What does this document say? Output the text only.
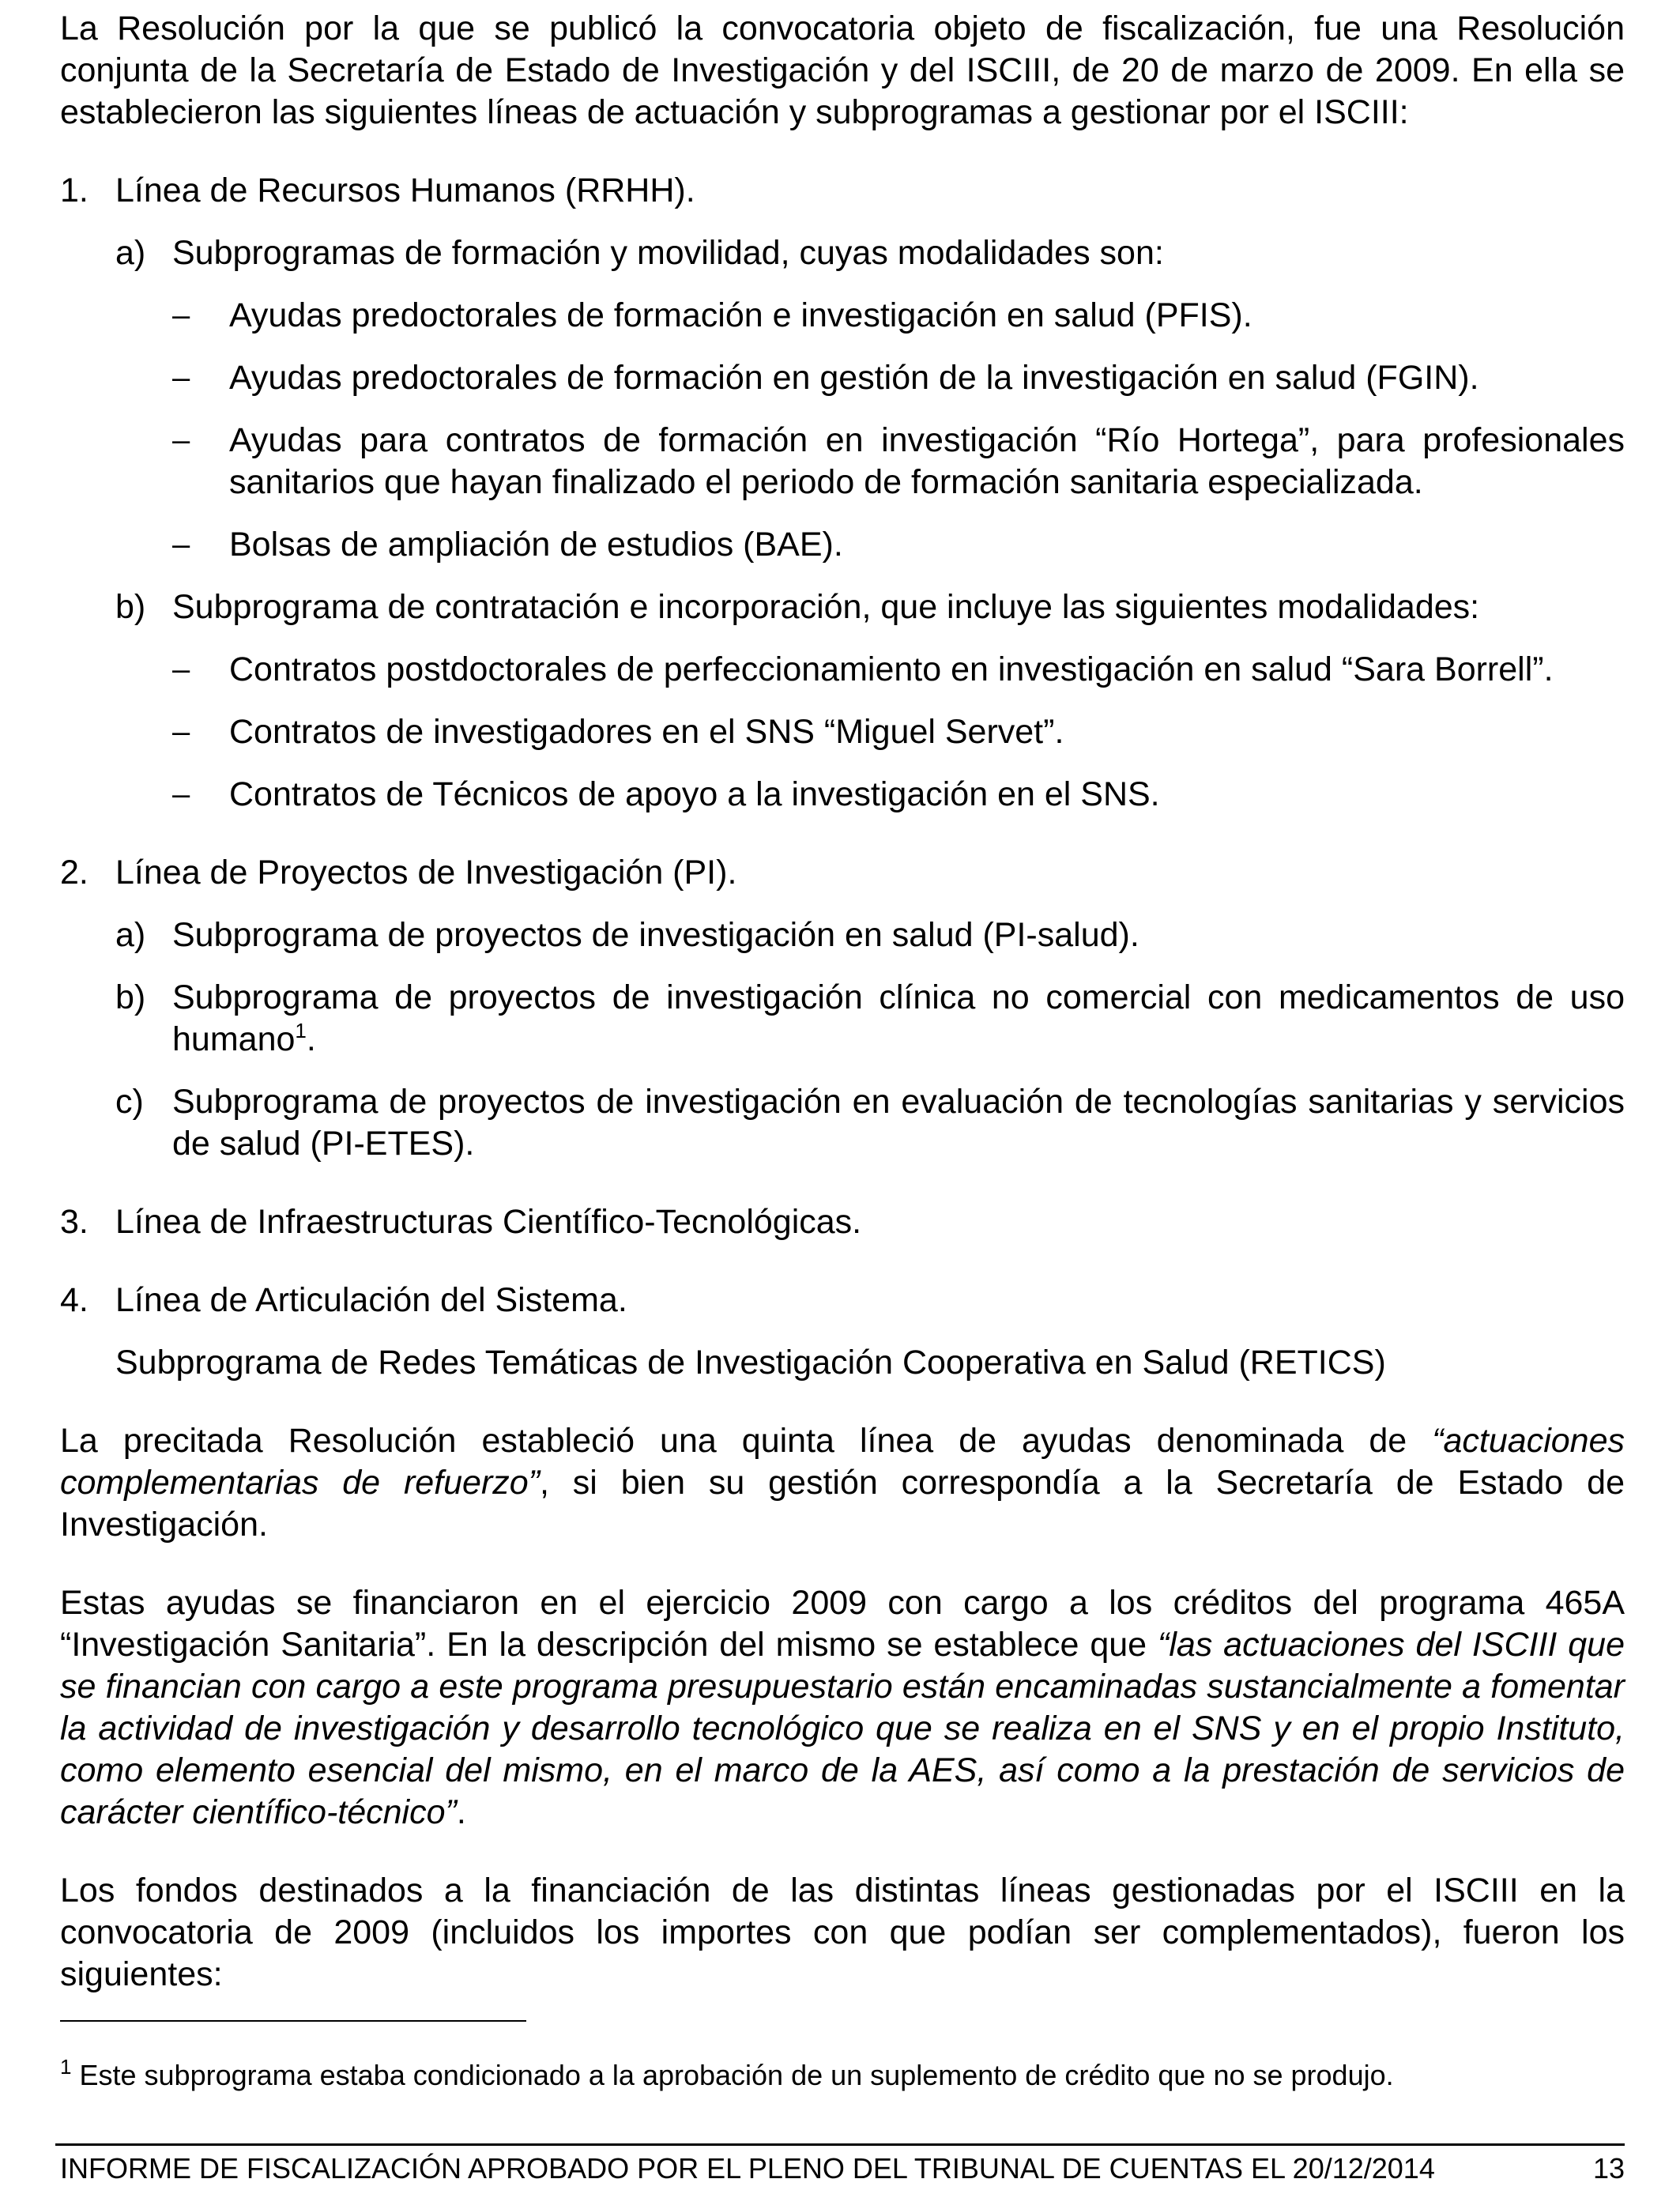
La Resolución por la que se publicó la convocatoria objeto de fiscalización, fue una Resolución conjunta de la Secretaría de Estado de Investigación y del ISCIII, de 20 de marzo de 2009. En ella se establecieron las siguientes líneas de actuación y subprogramas a gestionar por el ISCIII:

1. Línea de Recursos Humanos (RRHH).
a) Subprogramas de formación y movilidad, cuyas modalidades son:
–	Ayudas predoctorales de formación e investigación en salud (PFIS).
–	Ayudas predoctorales de formación en gestión de la investigación en salud (FGIN).
–	Ayudas para contratos de formación en investigación “Río Hortega”, para profesionales sanitarios que hayan finalizado el periodo de formación sanitaria especializada.
–	Bolsas de ampliación de estudios (BAE).
b) Subprograma de contratación e incorporación, que incluye las siguientes modalidades:
–	Contratos postdoctorales de perfeccionamiento en investigación en salud “Sara Borrell”.
–	Contratos de investigadores en el SNS “Miguel Servet”.
–	Contratos de Técnicos de apoyo a la investigación en el SNS.
2. Línea de Proyectos de Investigación (PI).
a) Subprograma de proyectos de investigación en salud (PI-salud).
b) Subprograma de proyectos de investigación clínica no comercial con medicamentos de uso humano$^1$.
c) Subprograma de proyectos de investigación en evaluación de tecnologías sanitarias y servicios de salud (PI-ETES).
3. Línea de Infraestructuras Científico-Tecnológicas.
4. Línea de Articulación del Sistema.
Subprograma de Redes Temáticas de Investigación Cooperativa en Salud (RETICS)

La precitada Resolución estableció una quinta línea de ayudas denominada de “actuaciones complementarias de refuerzo”, si bien su gestión correspondía a la Secretaría de Estado de Investigación.

Estas ayudas se financiaron en el ejercicio 2009 con cargo a los créditos del programa 465A “Investigación Sanitaria”. En la descripción del mismo se establece que “las actuaciones del ISCIII que se financian con cargo a este programa presupuestario están encaminadas sustancialmente a fomentar la actividad de investigación y desarrollo tecnológico que se realiza en el SNS y en el propio Instituto, como elemento esencial del mismo, en el marco de la AES, así como a la prestación de servicios de carácter científico-técnico”.

Los fondos destinados a la financiación de las distintas líneas gestionadas por el ISCIII en la convocatoria de 2009 (incluidos los importes con que podían ser complementados), fueron los siguientes:

$^1$ Este subprograma estaba condicionado a la aprobación de un suplemento de crédito que no se produjo.
INFORME DE FISCALIZACIÓN APROBADO POR EL PLENO DEL TRIBUNAL DE CUENTAS EL 20/12/2014	13
